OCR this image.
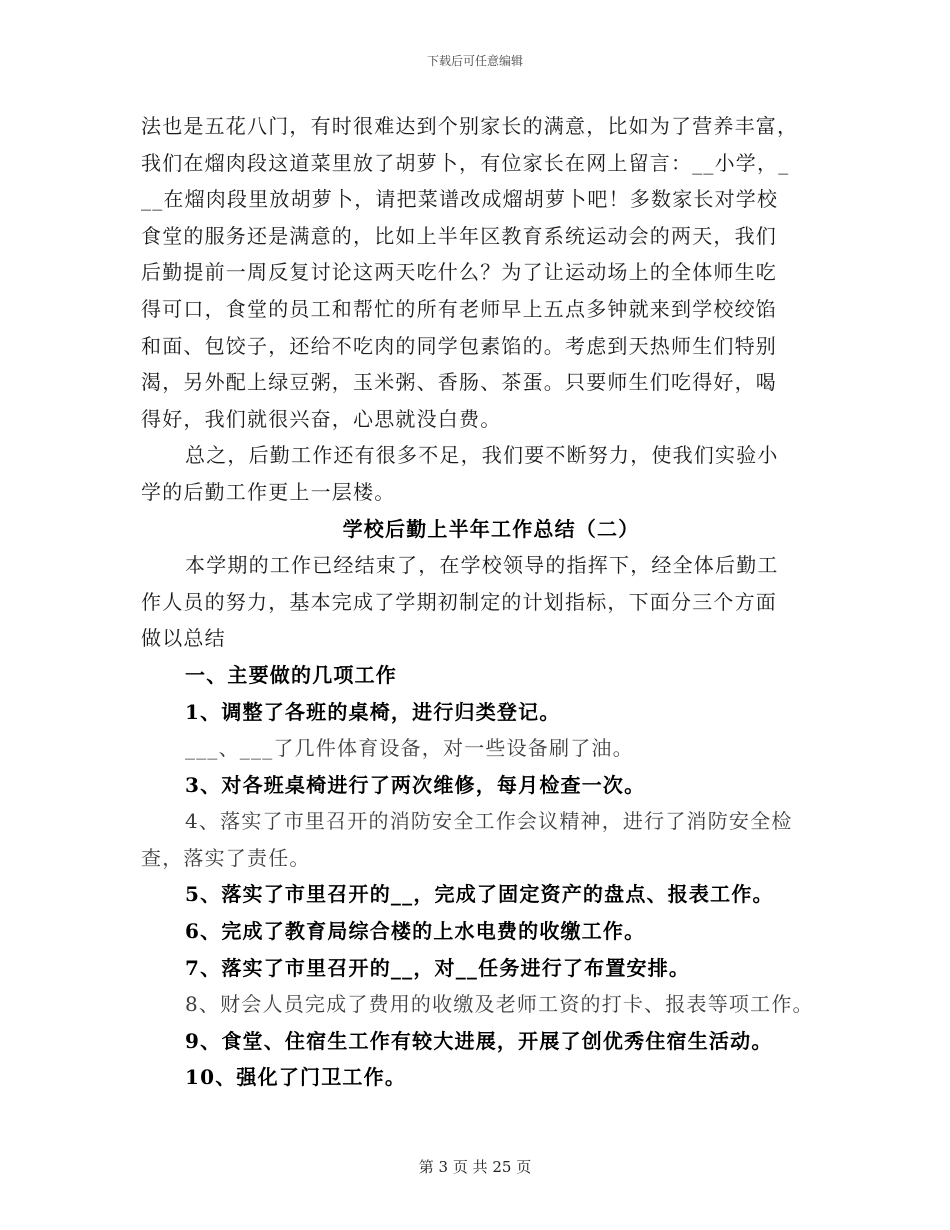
下载后可任意编辑
法也是五花八门，有时很难达到个别家长的满意，比如为了营养丰富，
我们在熘肉段这道菜里放了胡萝卜，有位家长在网上留言：__小学，_
__在熘肉段里放胡萝卜，请把菜谱改成熘胡萝卜吧！多数家长对学校
食堂的服务还是满意的，比如上半年区教育系统运动会的两天，我们
后勤提前一周反复讨论这两天吃什么？为了让运动场上的全体师生吃
得可口，食堂的员工和帮忙的所有老师早上五点多钟就来到学校绞馅
和面、包饺子，还给不吃肉的同学包素馅的。考虑到天热师生们特别
渴，另外配上绿豆粥，玉米粥、香肠、茶蛋。只要师生们吃得好，喝
得好，我们就很兴奋，心思就没白费。
总之，后勤工作还有很多不足，我们要不断努力，使我们实验小
学的后勤工作更上一层楼。
学校后勤上半年工作总结（二）
本学期的工作已经结束了，在学校领导的指挥下，经全体后勤工
作人员的努力，基本完成了学期初制定的计划指标，下面分三个方面
做以总结
一、主要做的几项工作
1、调整了各班的桌椅，进行归类登记。
___、___了几件体育设备，对一些设备刷了油。
3、对各班桌椅进行了两次维修，每月检查一次。
4、落实了市里召开的消防安全工作会议精神，进行了消防安全检
查，落实了责任。
5、落实了市里召开的__，完成了固定资产的盘点、报表工作。
6、完成了教育局综合楼的上水电费的收缴工作。
7、落实了市里召开的__，对__任务进行了布置安排。
8、财会人员完成了费用的收缴及老师工资的打卡、报表等项工作。
9、食堂、住宿生工作有较大进展，开展了创优秀住宿生活动。
10、强化了门卫工作。
第 3 页 共 25 页
